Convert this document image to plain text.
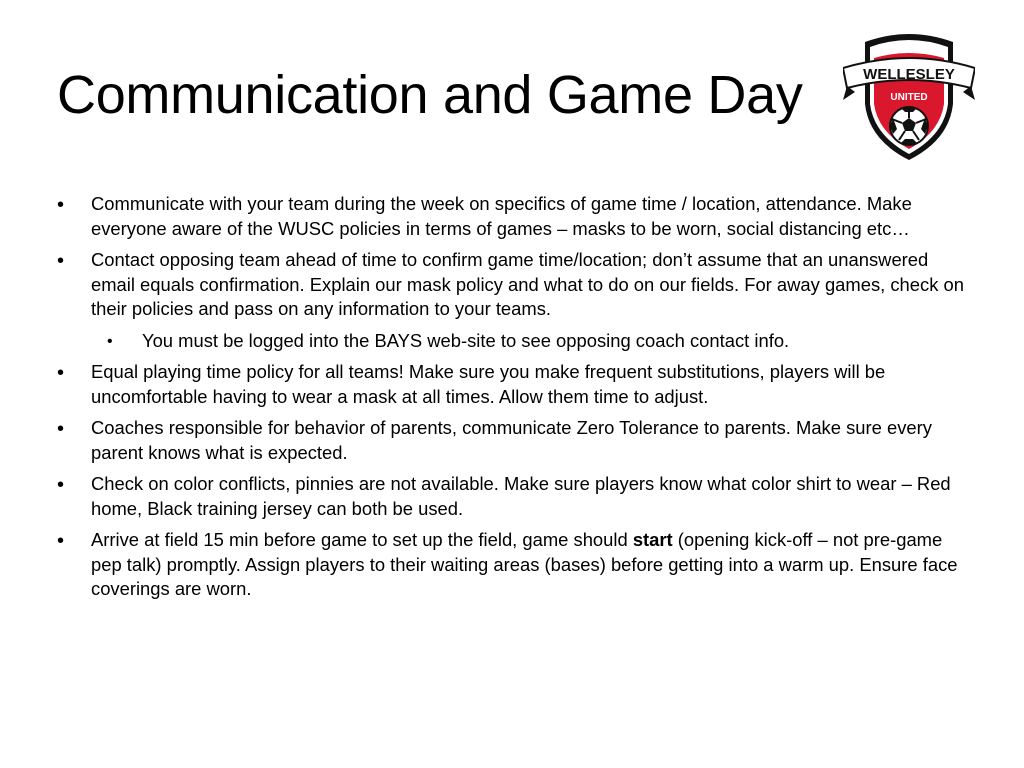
Communication and Game Day	WELLESLEY
UNITED
• Communicate with your team during the week on specifics of game time / location, attendance. Make everyone aware of the WUSC policies in terms of games – masks to be worn, social distancing etc…
• Contact opposing team ahead of time to confirm game time/location; don’t assume that an unanswered email equals confirmation. Explain our mask policy and what to do on our fields. For away games, check on their policies and pass on any information to your teams.
• You must be logged into the BAYS web-site to see opposing coach contact info.
• Equal playing time policy for all teams! Make sure you make frequent substitutions, players will be uncomfortable having to wear a mask at all times. Allow them time to adjust.
• Coaches responsible for behavior of parents, communicate Zero Tolerance to parents. Make sure every parent knows what is expected.
• Check on color conflicts, pinnies are not available. Make sure players know what color shirt to wear – Red home, Black training jersey can both be used.
• Arrive at field 15 min before game to set up the field, game should start (opening kick-off – not pre-game pep talk) promptly. Assign players to their waiting areas (bases) before getting into a warm up. Ensure face coverings are worn.
